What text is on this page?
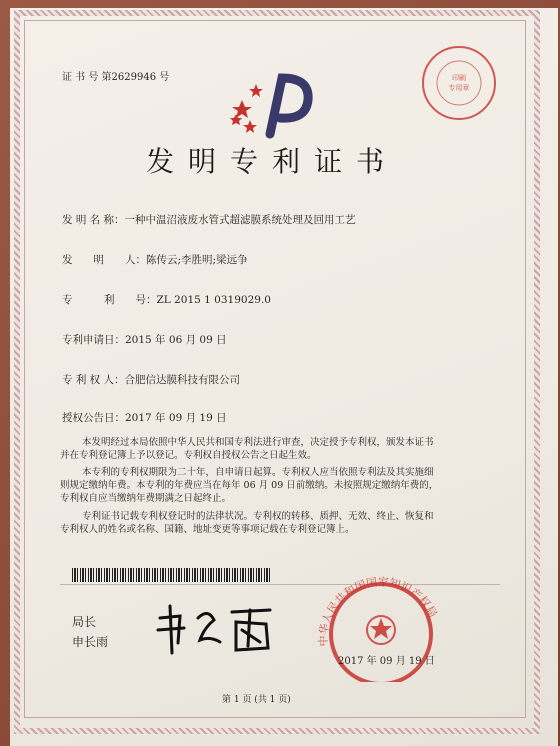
证 书 号 第2629946 号	印刷
专用章
发明专利证书
发 明 名 称：一种中温沼液废水管式超滤膜系统处理及回用工艺
发　　明　　人：陈传云;李胜明;梁远争
专　　　利　　号：ZL 2015 1 0319029.0
专利申请日：2015 年 06 月 09 日
专 利 权 人：合肥信达膜科技有限公司
授权公告日：2017 年 09 月 19 日
本发明经过本局依照中华人民共和国专利法进行审查，决定授予专利权，颁发本证书
并在专利登记簿上予以登记。专利权自授权公告之日起生效。
本专利的专利权期限为二十年，自申请日起算。专利权人应当依照专利法及其实施细
则规定缴纳年费。本专利的年费应当在每年 06 月 09 日前缴纳。未按照规定缴纳年费的，
专利权自应当缴纳年费期满之日起终止。
专利证书记载专利权登记时的法律状况。专利权的转移、质押、无效、终止、恢复和
专利权人的姓名或名称、国籍、地址变更等事项记载在专利登记簿上。
局长
申长雨	中华人民共和国国家知识产权局
2017 年 09 月 19 日
第 1 页 (共 1 页)
